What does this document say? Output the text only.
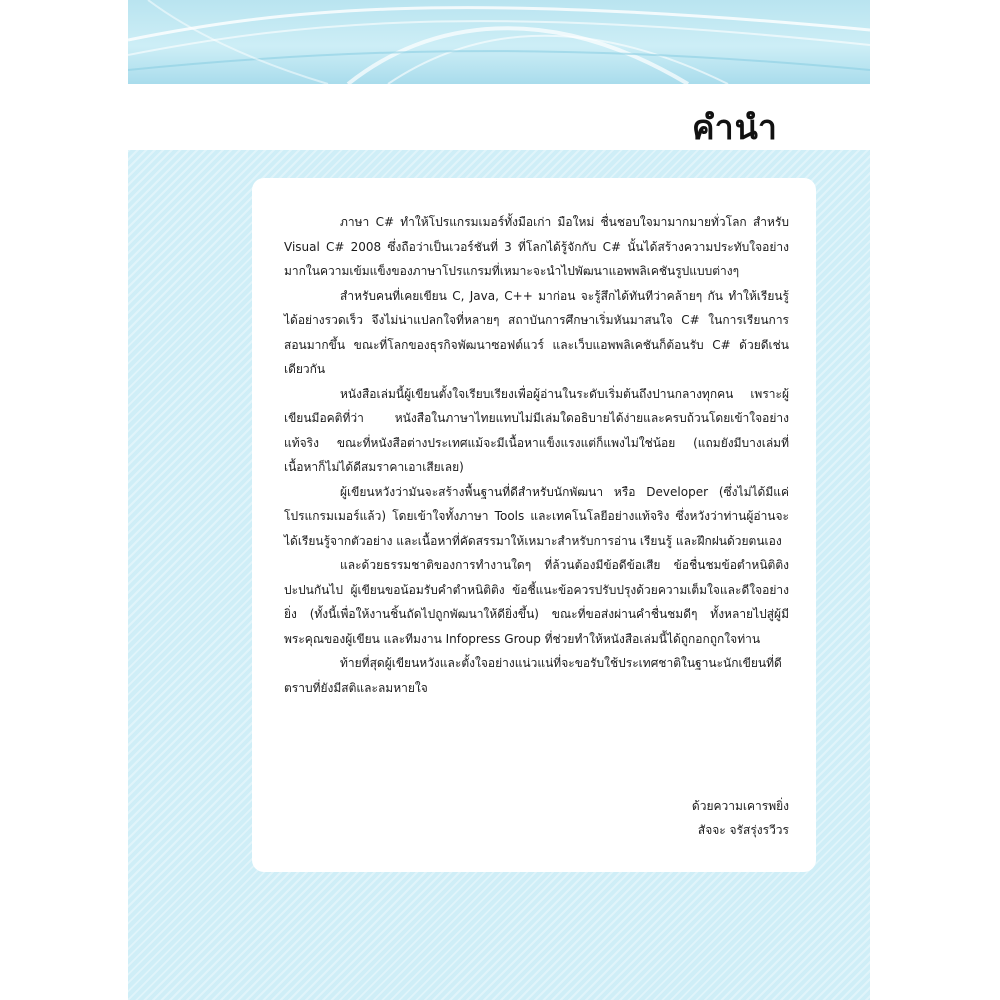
คำนำ

ภาษา C# ทำให้โปรแกรมเมอร์ทั้งมือเก่า มือใหม่ ชื่นชอบใจมามากมายทั่วโลก สำหรับ Visual C# 2008 ซึ่งถือว่าเป็นเวอร์ชันที่ 3 ที่โลกได้รู้จักกับ C# นั้นได้สร้างความประทับใจอย่างมากในความเข้มแข็งของภาษาโปรแกรมที่เหมาะจะนำไปพัฒนาแอพพลิเคชันรูปแบบต่างๆ

สำหรับคนที่เคยเขียน C, Java, C++ มาก่อน จะรู้สึกได้ทันทีว่าคล้ายๆ กัน ทำให้เรียนรู้ได้อย่างรวดเร็ว จึงไม่น่าแปลกใจที่หลายๆ สถาบันการศึกษาเริ่มหันมาสนใจ C# ในการเรียนการสอนมากขึ้น ขณะที่โลกของธุรกิจพัฒนาซอฟต์แวร์ และเว็บแอพพลิเคชันก็ต้อนรับ C# ด้วยดีเช่นเดียวกัน

หนังสือเล่มนี้ผู้เขียนตั้งใจเรียบเรียงเพื่อผู้อ่านในระดับเริ่มต้นถึงปานกลางทุกคน เพราะผู้เขียนมีอคติที่ว่า หนังสือในภาษาไทยแทบไม่มีเล่มใดอธิบายได้ง่ายและครบถ้วนโดยเข้าใจอย่างแท้จริง ขณะที่หนังสือต่างประเทศแม้จะมีเนื้อหาแข็งแรงแต่ก็แพงไม่ใช่น้อย (แถมยังมีบางเล่มที่เนื้อหาก็ไม่ได้ดีสมราคาเอาเสียเลย)

ผู้เขียนหวังว่ามันจะสร้างพื้นฐานที่ดีสำหรับนักพัฒนา หรือ Developer (ซึ่งไม่ได้มีแค่โปรแกรมเมอร์แล้ว) โดยเข้าใจทั้งภาษา Tools และเทคโนโลยีอย่างแท้จริง ซึ่งหวังว่าท่านผู้อ่านจะได้เรียนรู้จากตัวอย่าง และเนื้อหาที่คัดสรรมาให้เหมาะสำหรับการอ่าน เรียนรู้ และฝึกฝนด้วยตนเอง

และด้วยธรรมชาติของการทำงานใดๆ ที่ล้วนต้องมีข้อดีข้อเสีย ข้อชื่นชมข้อตำหนิติติงปะปนกันไป ผู้เขียนขอน้อมรับคำตำหนิติติง ข้อชี้แนะข้อควรปรับปรุงด้วยความเต็มใจและดีใจอย่างยิ่ง (ทั้งนี้เพื่อให้งานชิ้นถัดไปถูกพัฒนาให้ดียิ่งขึ้น) ขณะที่ขอส่งผ่านคำชื่นชมดีๆ ทั้งหลายไปสู่ผู้มีพระคุณของผู้เขียน และทีมงาน Infopress Group ที่ช่วยทำให้หนังสือเล่มนี้ได้ถูกอกถูกใจท่าน

ท้ายที่สุดผู้เขียนหวังและตั้งใจอย่างแน่วแน่ที่จะขอรับใช้ประเทศชาติในฐานะนักเขียนที่ดีตราบที่ยังมีสติและลมหายใจ

ด้วยความเคารพยิ่ง
สัจจะ จรัสรุ่งรวีวร
